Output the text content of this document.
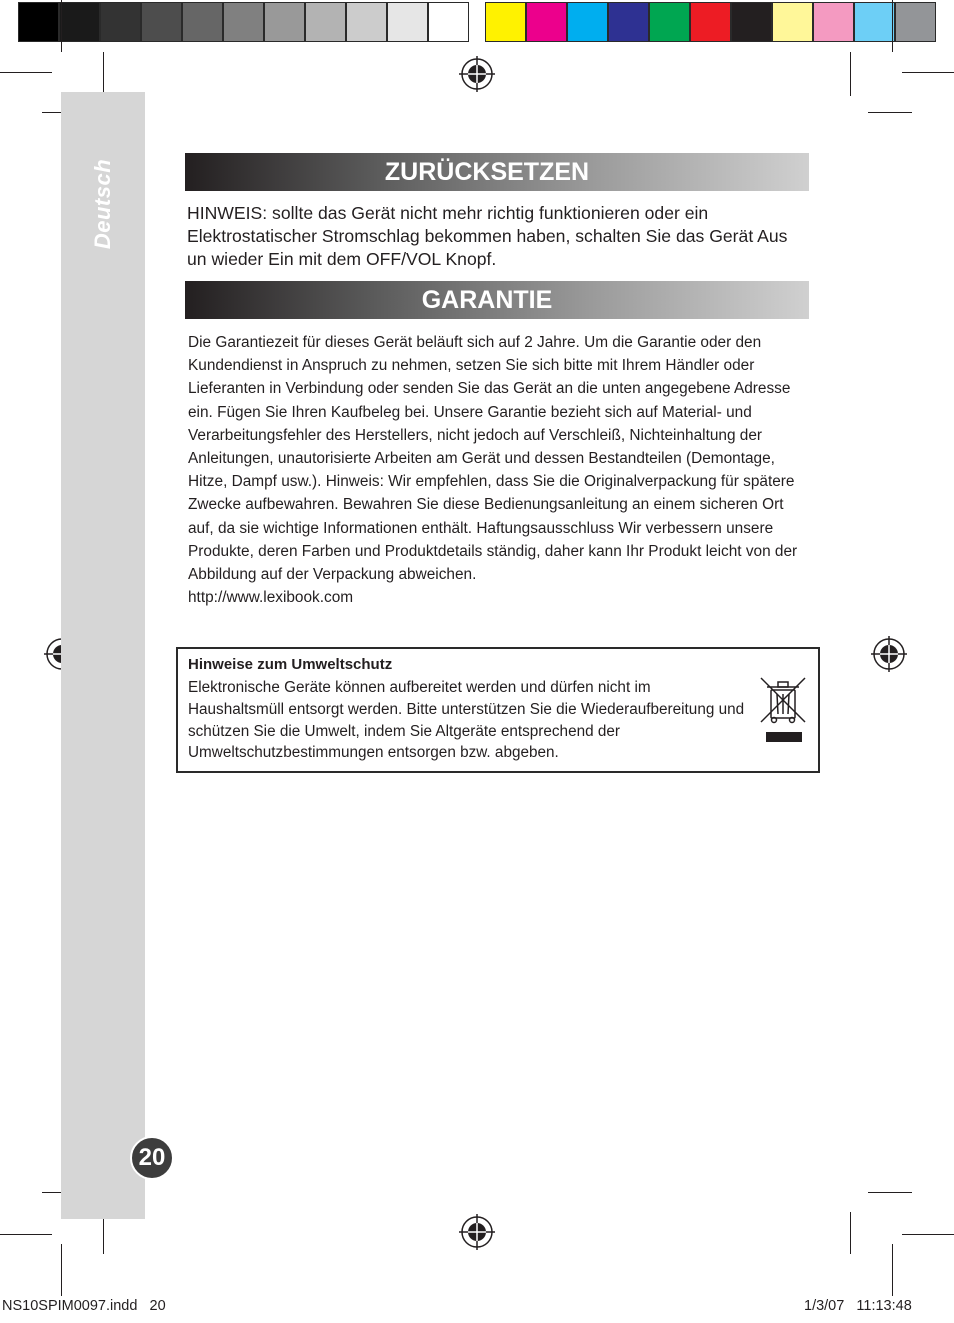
Deutsch
20
ZURÜCKSETZEN
HINWEIS: sollte das Gerät nicht mehr richtig funktionieren oder ein Elektrostatischer Stromschlag bekommen haben, schalten Sie das Gerät Aus un wieder Ein mit dem OFF/VOL Knopf.
GARANTIE

Die Garantiezeit für dieses Gerät beläuft sich auf 2 Jahre. Um die Garantie oder den Kundendienst in Anspruch zu nehmen, setzen Sie sich bitte mit Ihrem Händler oder Lieferanten in Verbindung oder senden Sie das Gerät an die unten angegebene Adresse ein. Fügen Sie Ihren Kaufbeleg bei. Unsere Garantie bezieht sich auf Material- und Verarbeitungsfehler des Herstellers, nicht jedoch auf Verschleiß, Nichteinhaltung der Anleitungen, unautorisierte Arbeiten am Gerät und dessen Bestandteilen (Demontage, Hitze, Dampf usw.). Hinweis: Wir empfehlen, dass Sie die Originalverpackung für spätere Zwecke aufbewahren. Bewahren Sie diese Bedienungsanleitung an einem sicheren Ort auf, da sie wichtige Informationen enthält. Haftungsausschluss Wir verbessern unsere Produkte, deren Farben und Produktdetails ständig, daher kann Ihr Produkt leicht von der Abbildung auf der Verpackung abweichen.

http://www.lexibook.com

Hinweise zum Umweltschutz
Elektronische Geräte können aufbereitet werden und dürfen nicht im Haushaltsmüll entsorgt werden. Bitte unterstützen Sie die Wiederaufbereitung und schützen Sie die Umwelt, indem Sie Altgeräte entsprechend der Umweltschutzbestimmungen entsorgen bzw. abgeben.
NS10SPIM0097.indd   20	1/3/07   11:13:48
